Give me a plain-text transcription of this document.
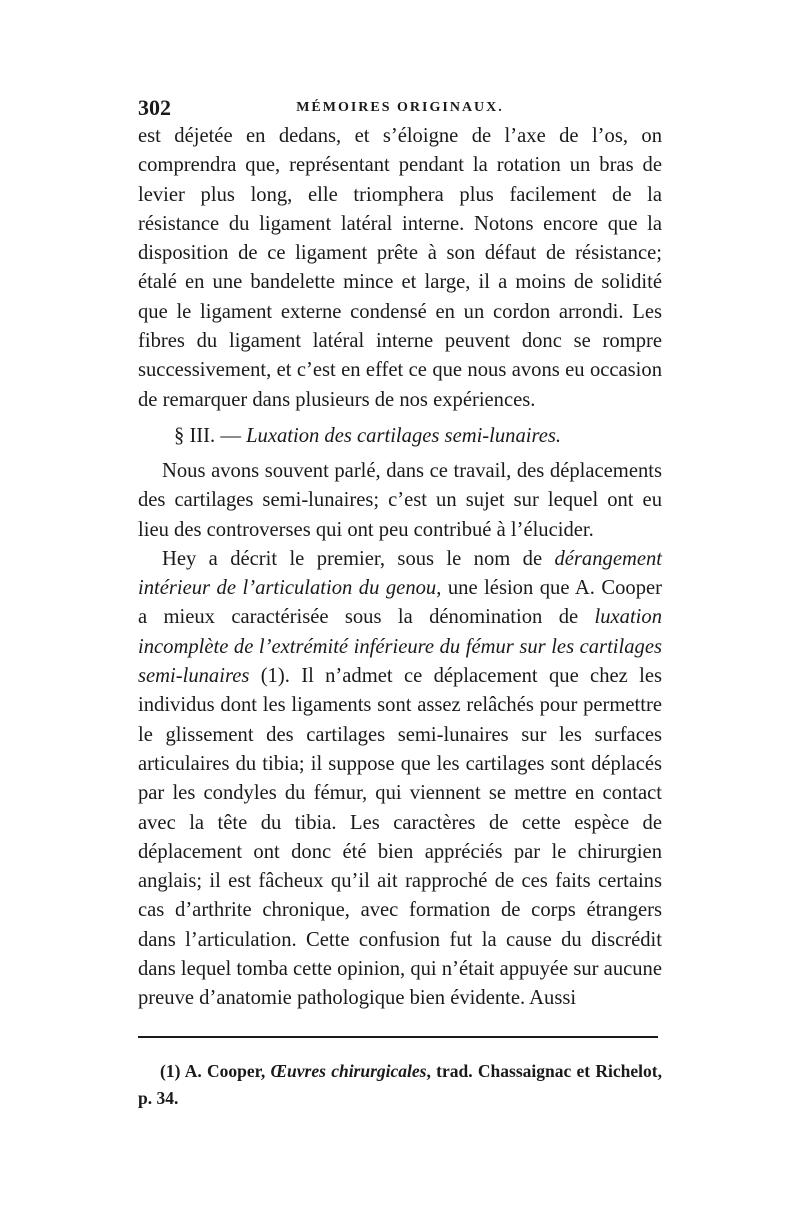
302	MÉMOIRES ORIGINAUX.

est déjetée en dedans, et s’éloigne de l’axe de l’os, on comprendra que, représentant pendant la rotation un bras de levier plus long, elle triomphera plus facilement de la résistance du ligament latéral interne. Notons encore que la disposition de ce ligament prête à son défaut de résistance; étalé en une bandelette mince et large, il a moins de solidité que le ligament externe condensé en un cordon arrondi. Les fibres du ligament latéral interne peuvent donc se rompre successivement, et c’est en effet ce que nous avons eu occasion de remarquer dans plusieurs de nos expériences.

§ III. — Luxation des cartilages semi-lunaires.

Nous avons souvent parlé, dans ce travail, des déplacements des cartilages semi-lunaires; c’est un sujet sur lequel ont eu lieu des controverses qui ont peu contribué à l’élucider.

Hey a décrit le premier, sous le nom de dérangement intérieur de l’articulation du genou, une lésion que A. Cooper a mieux caractérisée sous la dénomination de luxation incomplète de l’extrémité inférieure du fémur sur les cartilages semi-lunaires (1). Il n’admet ce déplacement que chez les individus dont les ligaments sont assez relâchés pour permettre le glissement des cartilages semi-lunaires sur les surfaces articulaires du tibia; il suppose que les cartilages sont déplacés par les condyles du fémur, qui viennent se mettre en contact avec la tête du tibia. Les caractères de cette espèce de déplacement ont donc été bien appréciés par le chirurgien anglais; il est fâcheux qu’il ait rapproché de ces faits certains cas d’arthrite chronique, avec formation de corps étrangers dans l’articulation. Cette confusion fut la cause du discrédit dans lequel tomba cette opinion, qui n’était appuyée sur aucune preuve d’anatomie pathologique bien évidente. Aussi

(1) A. Cooper, Œuvres chirurgicales, trad. Chassaignac et Richelot, p. 34.
